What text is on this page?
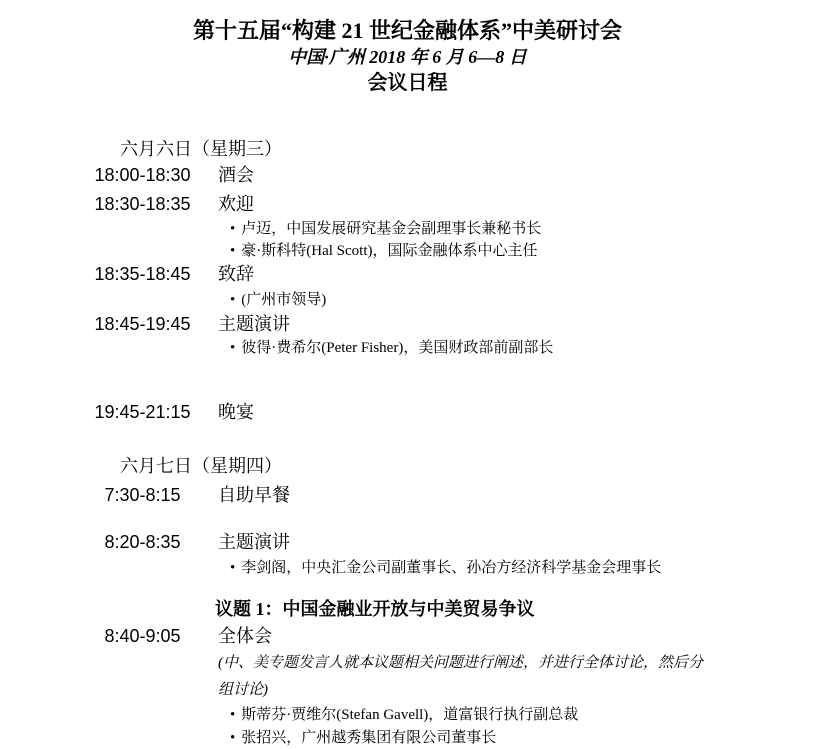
第十五届“构建 21 世纪金融体系”中美研讨会
中国·广州 2018 年 6 月 6—8 日
会议日程
六月六日（星期三）
18:00-18:30	酒会
18:30-18:35	欢迎
• 卢迈，中国发展研究基金会副理事长兼秘书长
• 豪·斯科特(Hal Scott)，国际金融体系中心主任
18:35-18:45	致辞
• (广州市领导)
18:45-19:45	主题演讲
• 彼得·费希尔(Peter Fisher)，美国财政部前副部长
19:45-21:15	晚宴
六月七日（星期四）
7:30-8:15	自助早餐
8:20-8:35	主题演讲
• 李剑阁，中央汇金公司副董事长、孙冶方经济科学基金会理事长
议题 1：中国金融业开放与中美贸易争议
8:40-9:05	全体会
(中、美专题发言人就本议题相关问题进行阐述，并进行全体讨论，然后分
组讨论)
• 斯蒂芬·贾维尔(Stefan Gavell)，道富银行执行副总裁
• 张招兴，广州越秀集团有限公司董事长
